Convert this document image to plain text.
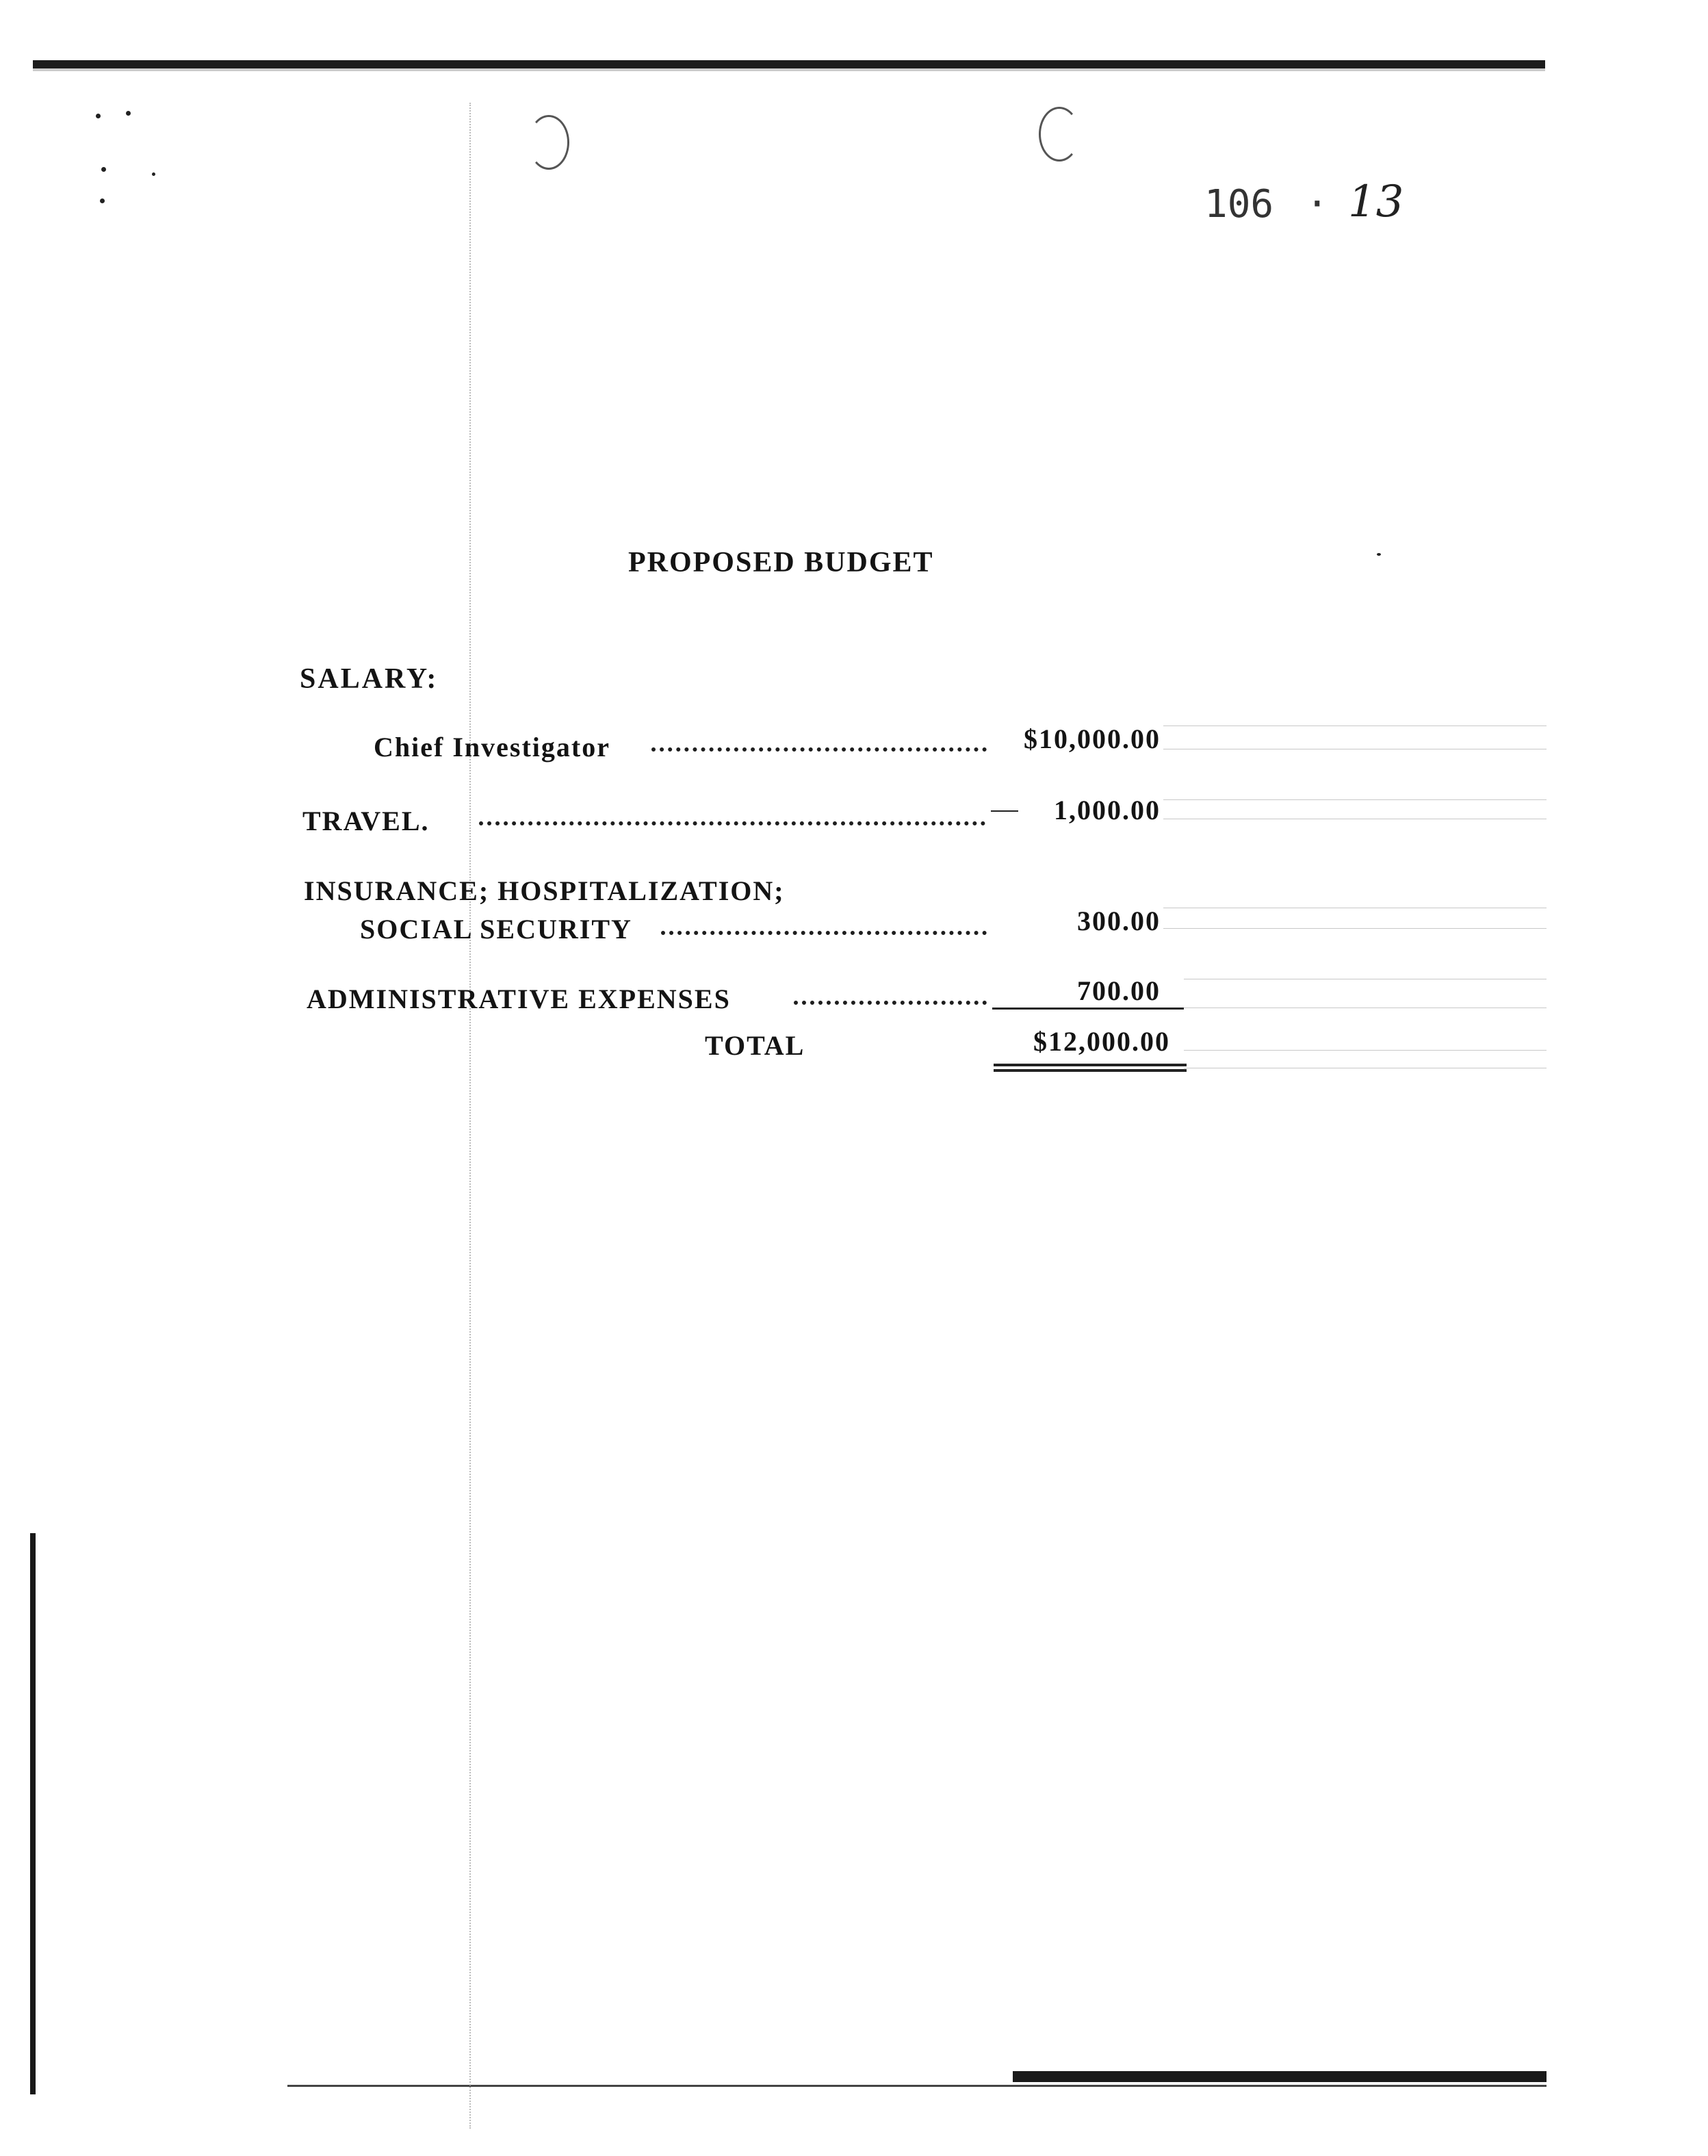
106 · 13
PROPOSED BUDGET
SALARY:
Chief Investigator	$10,000.00
TRAVEL.	1,000.00
INSURANCE; HOSPITALIZATION;
SOCIAL SECURITY	300.00
ADMINISTRATIVE EXPENSES	700.00
TOTAL	$12,000.00
